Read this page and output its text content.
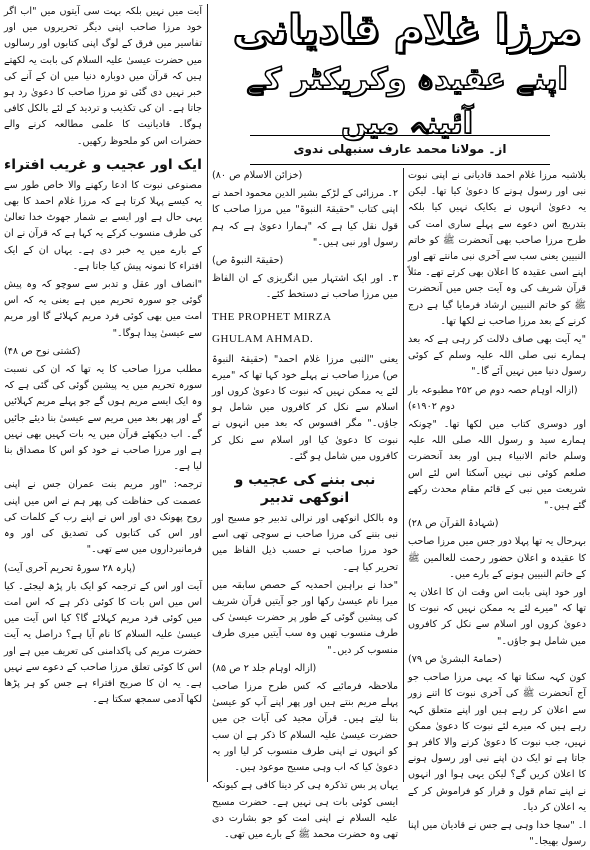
مرزا غلام قادیانی
اپنے عقیدہ وکریکٹر کے آئینہ میں
از۔ مولانا محمد عارف سنبھلی ندوی

آیت میں نہیں بلکہ بہت سی آیتوں میں "اب اگر خود مرزا صاحب اپنی دیگر تحریروں میں اور تفاسیر میں فرق کے لوگ اپنی کتابوں اور رسالوں میں حضرت عیسیٰ علیہ السلام کی بابت یہ لکھتے ہیں کہ قرآن میں دوبارہ دنیا میں ان کے آنے کی خبر نہیں دی گئی تو مرزا صاحب کا دعویٰ رد ہو جاتا ہے۔ ان کی تکذیب و تردید کے لئے بالکل کافی ہوگا۔ قادیانیت کا علمی مطالعہ کرنے والے حضرات اس کو ملحوظ رکھیں۔

ایک اور عجیب و غریب افتراء

مصنوعی نبوت کا ادعا رکھنے والا خاص طور سے یہ کیسے پہلا کرتا ہے کہ مرزا غلام احمد کا بھی یہی حال ہے اور ایسے بے شمار جھوٹ خدا تعالیٰ کی طرف منسوب کرکے یہ کہا ہے کہ قرآن نے ان کے بارے میں یہ خبر دی ہے۔ یہاں ان کے ایک افتراء کا نمونہ پیش کیا جاتا ہے۔

"انصاف اور عقل و تدبر سے سوچو کہ وہ پیش گوئی جو سورہ تحریم میں ہے یعنی یہ کہ اس امت میں بھی کوئی فرد مریم کہلائے گا اور مریم سے عیسیٰ پیدا ہوگا۔"

(کشتی نوح ص ۴۸)

مطلب مرزا صاحب کا یہ تھا کہ ان کی نسبت سورہ تحریم میں یہ پیشین گوئی کی گئی ہے کہ وہ ایک ایسے مریم ہوں گے جو پہلے مریم کہلائیں گے اور پھر بعد میں مریم سے عیسیٰ بنا دیئے جائیں گے۔ اب دیکھئے قرآن میں یہ بات کہیں بھی نہیں ہے اور مرزا صاحب نے خود کو اس کا مصداق بنا لیا ہے۔

ترجمہ: "اور مریم بنت عمران جس نے اپنی عصمت کی حفاظت کی پھر ہم نے اس میں اپنی روح پھونک دی اور اس نے اپنے رب کے کلمات کی اور اس کی کتابوں کی تصدیق کی اور وہ فرمانبرداروں میں سے تھی۔"

(پارہ ۲۸ سورۃ تحریم آخری آیت)

آیت اور اس کے ترجمہ کو ایک بار پڑھ لیجئے۔ کیا اس میں اس بات کا کوئی ذکر ہے کہ اس امت میں کوئی فرد مریم کہلائے گا؟ کیا اس آیت میں عیسیٰ علیہ السلام کا نام آیا ہے؟ دراصل یہ آیت حضرت مریم کی پاکدامنی کی تعریف میں ہے اور اس کا کوئی تعلق مرزا صاحب کے دعوے سے نہیں ہے۔ یہ ان کا صریح افتراء ہے جس کو ہر پڑھا لکھا آدمی سمجھ سکتا ہے۔

(خزائن الاسلام ص ۸۰)

۲۔ مرزائی کے لڑکے بشیر الدین محمود احمد نے اپنی کتاب "حقیقۃ النبوۃ" میں مرزا صاحب کا قول نقل کیا ہے کہ "ہمارا دعویٰ ہے کہ ہم رسول اور نبی ہیں۔"

(حقیقۃ النبوۃ ص)

۳۔ اور ایک اشتہار میں انگریزی کے ان الفاظ میں مرزا صاحب نے دستخط کئے۔

THE PROPHET MIRZA
GHULAM AHMAD.

یعنی "النبی مرزا غلام احمد" (حقیقۃ النبوۃ ص) مرزا صاحب نے پہلے خود کہا تھا کہ "میرے لئے یہ ممکن نہیں کہ نبوت کا دعویٰ کروں اور اسلام سے نکل کر کافروں میں شامل ہو جاؤں۔" مگر افسوس کہ بعد میں انہوں نے نبوت کا دعویٰ کیا اور اسلام سے نکل کر کافروں میں شامل ہو گئے۔

نبی بننے کی عجیب و انوکھی تدبیر

وہ بالکل انوکھی اور نرالی تدبیر جو مسیح اور نبی بننے کی مرزا صاحب نے سوچی تھی اسے خود مرزا صاحب نے حسب ذیل الفاظ میں تحریر کیا ہے۔

"خدا نے براہین احمدیہ کے حصص سابقہ میں میرا نام عیسیٰ رکھا اور جو آیتیں قرآن شریف کی پیشین گوئی کے طور پر حضرت عیسیٰ کی طرف منسوب تھیں وہ سب آیتیں میری طرف منسوب کر دیں۔"

(ازالہ اوہام جلد ۲ ص ۸۵)

ملاحظہ فرمائیے کہ کس طرح مرزا صاحب پہلے مریم بنتے ہیں اور پھر اپنے آپ کو عیسیٰ بنا لیتے ہیں۔ قرآن مجید کی آیات جن میں حضرت عیسیٰ علیہ السلام کا ذکر ہے ان سب کو انہوں نے اپنی طرف منسوب کر لیا اور یہ دعویٰ کیا کہ اب وہی مسیح موعود ہیں۔

یہاں پر بس تذکرہ ہی کر دینا کافی ہے کیونکہ ایسی کوئی بات ہی نہیں ہے۔ حضرت مسیح علیہ السلام نے اپنی امت کو جو بشارت دی تھی وہ حضرت محمد ﷺ کے بارے میں تھی۔

بلاشبہ مرزا غلام احمد قادیانی نے اپنی نبوت نبی اور رسول ہونے کا دعویٰ کیا تھا۔ لیکن یہ دعویٰ انہوں نے یکایک نہیں کیا بلکہ بتدریج اس دعوے سے پہلے ساری امت کی طرح مرزا صاحب بھی آنحضرت ﷺ کو خاتم النبیین یعنی سب سے آخری نبی مانتے تھے اور اپنے اسی عقیدہ کا اعلان بھی کرتے تھے۔ مثلاً قرآن شریف کی وہ آیت جس میں آنحضرت ﷺ کو خاتم النبیین ارشاد فرمایا گیا ہے درج کرنے کے بعد مرزا صاحب نے لکھا تھا۔

"یہ آیت بھی صاف دلالت کر رہی ہے کہ بعد ہمارے نبی صلی اللہ علیہ وسلم کے کوئی رسول دنیا میں نہیں آئے گا۔"

(ازالہ اوہام حصہ دوم ص ۲۵۲ مطبوعہ بار دوم ۱۹۰۲ء)

اور دوسری کتاب میں لکھا تھا۔ "چونکہ ہمارے سید و رسول اللہ صلی اللہ علیہ وسلم خاتم الانبیاء ہیں اور بعد آنحضرت صلعم کوئی نبی نہیں آسکتا اس لئے اس شریعت میں نبی کے قائم مقام محدث رکھے گئے ہیں۔"

(شہادۃ القرآن ص ۲۸)

بہرحال یہ تھا پہلا دور جس میں مرزا صاحب کا عقیدہ و اعلان حضور رحمت للعالمین ﷺ کے خاتم النبیین ہونے کے بارے میں۔

اور خود اپنی بابت اس وقت ان کا اعلان یہ تھا کہ "میرے لئے یہ ممکن نہیں کہ نبوت کا دعویٰ کروں اور اسلام سے نکل کر کافروں میں شامل ہو جاؤں۔"

(حمامۃ البشریٰ ص ۷۹)

کون کہہ سکتا تھا کہ یہی مرزا صاحب جو آج آنحضرت ﷺ کی آخری نبوت کا اتنے زور سے اعلان کر رہے ہیں اور اپنے متعلق کہہ رہے ہیں کہ میرے لئے نبوت کا دعویٰ ممکن نہیں، جب نبوت کا دعویٰ کرنے والا کافر ہو جاتا ہے تو ایک دن اپنے نبی اور رسول ہونے کا اعلان کریں گے؟ لیکن یہی ہوا اور انہوں نے اپنے تمام قول و قرار کو فراموش کر کے یہ اعلان کر دیا۔

ا۔ "سچا خدا وہی ہے جس نے قادیان میں اپنا رسول بھیجا۔"
